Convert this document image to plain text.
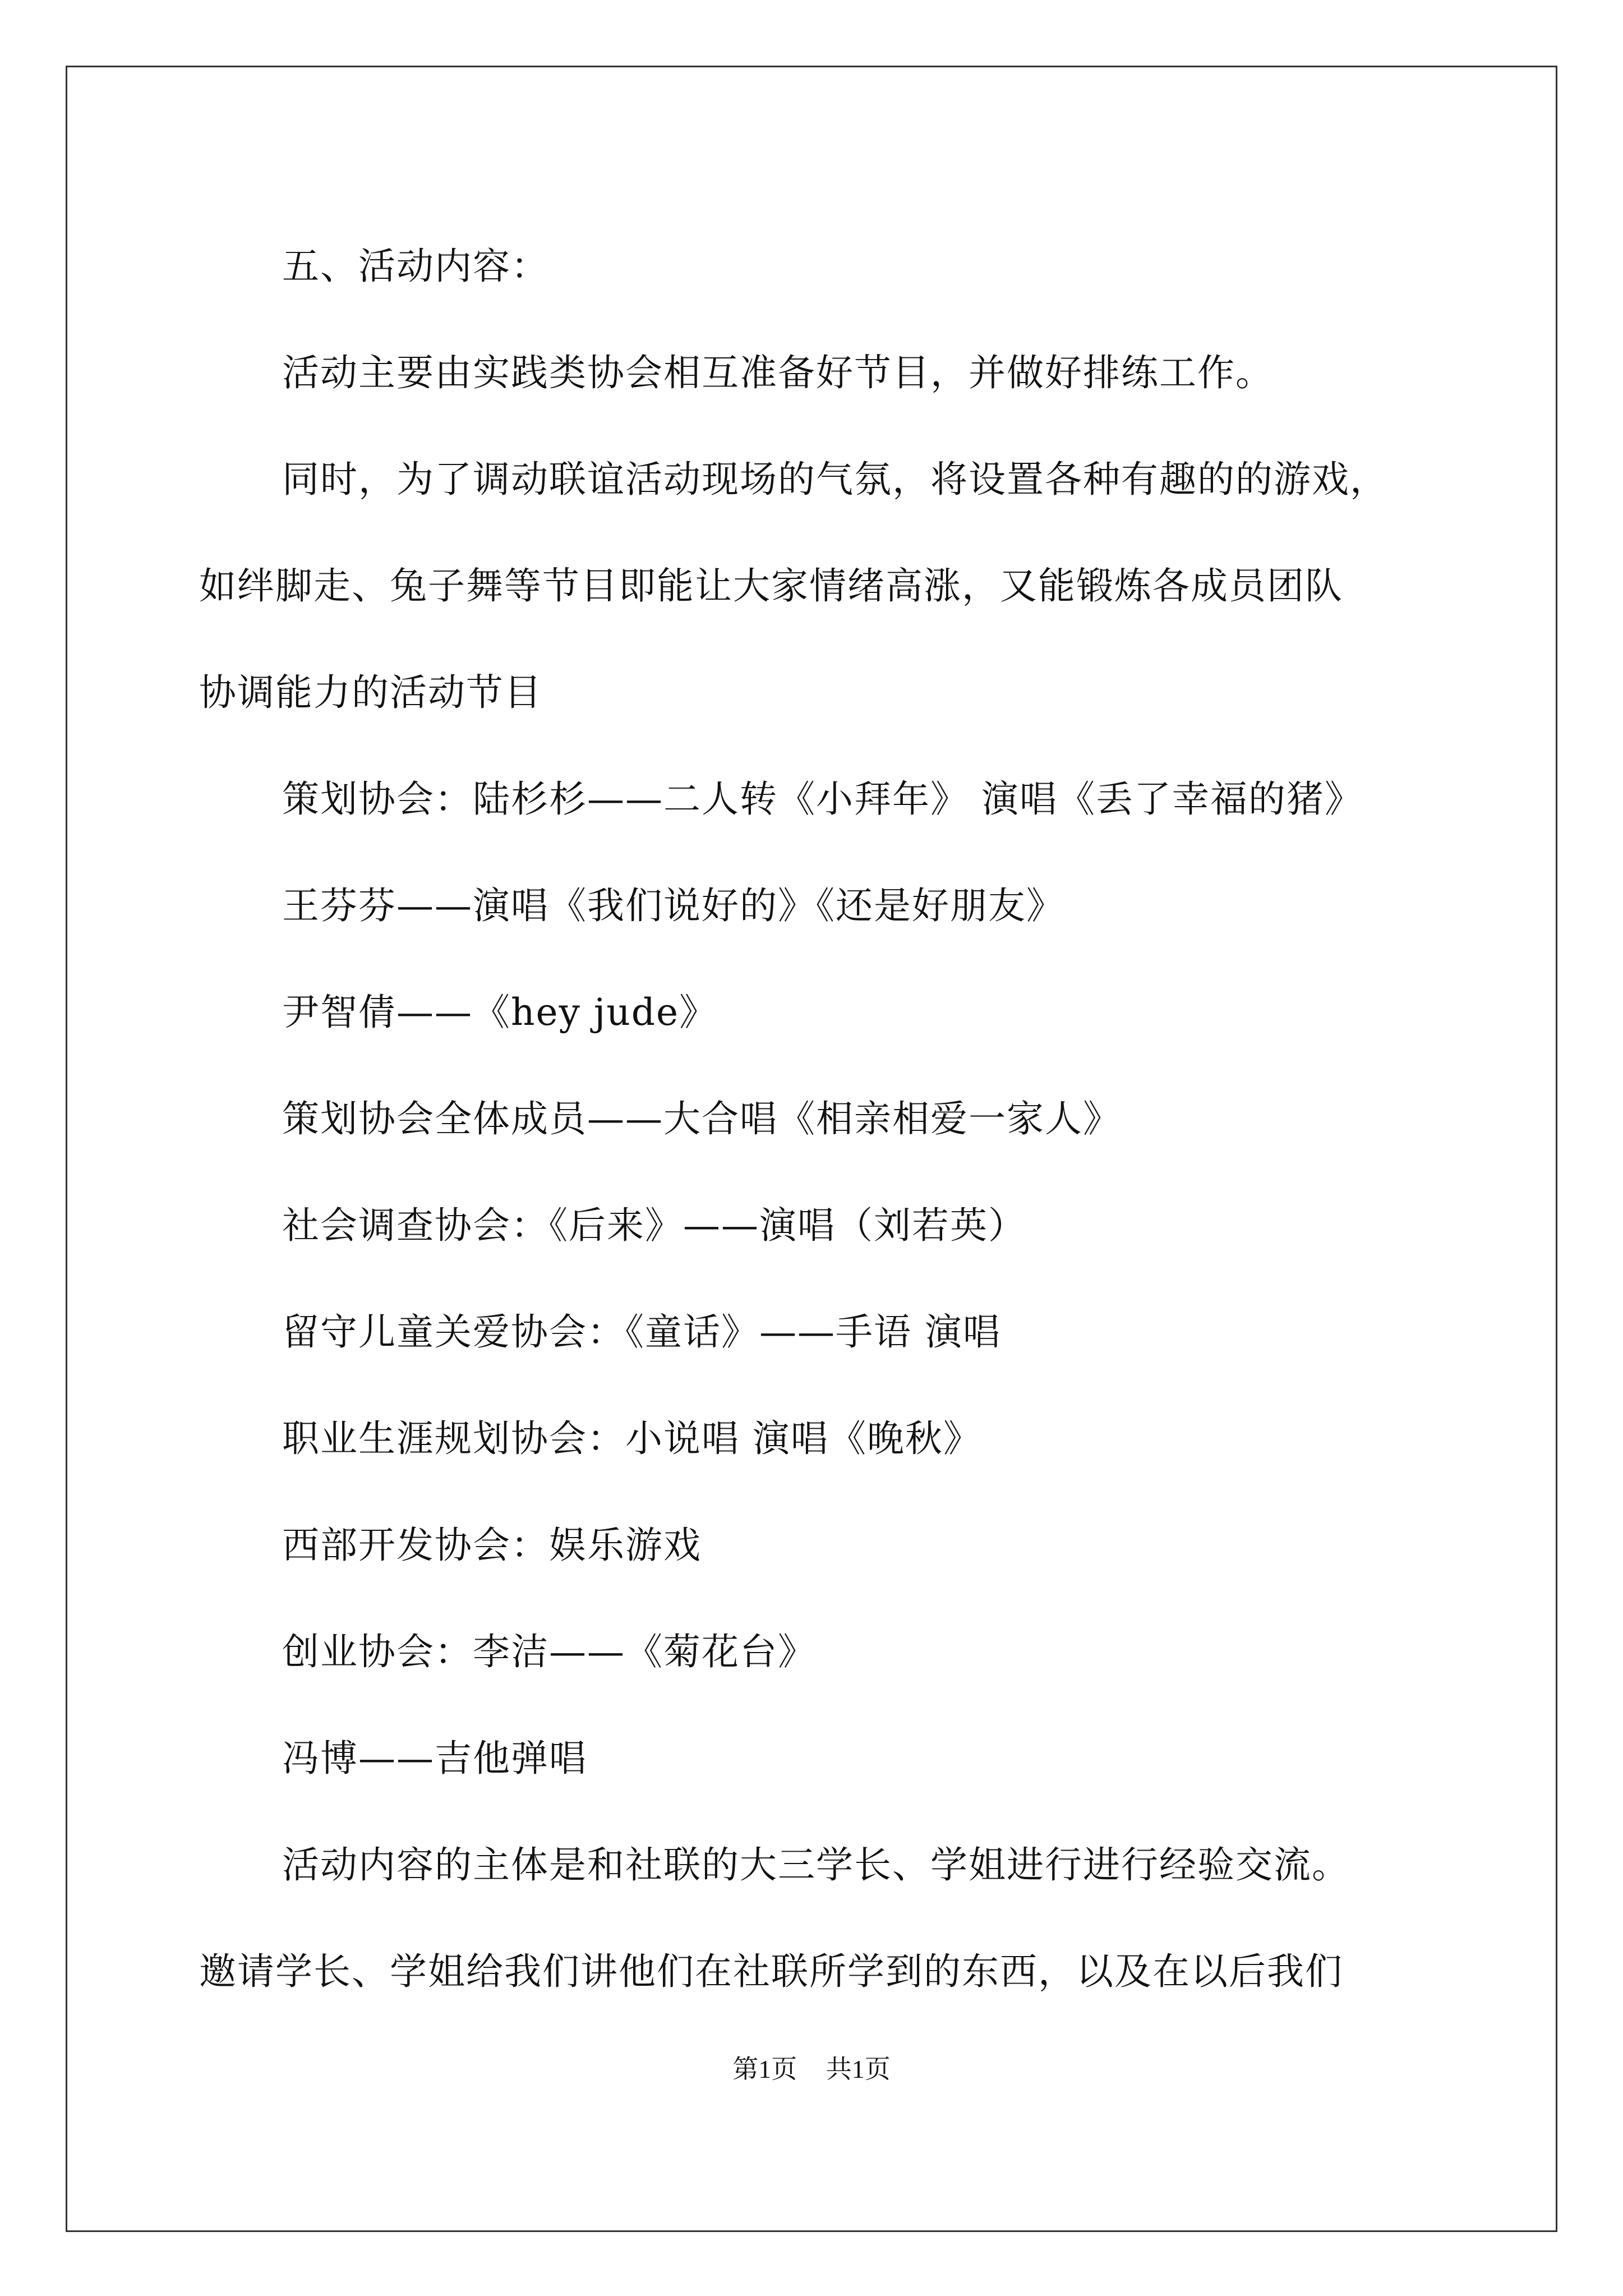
五、活动内容：

活动主要由实践类协会相互准备好节目，并做好排练工作。

同时，为了调动联谊活动现场的气氛，将设置各种有趣的的游戏，

如绊脚走、兔子舞等节目即能让大家情绪高涨，又能锻炼各成员团队

协调能力的活动节目

策划协会：陆杉杉——二人转《小拜年》 演唱《丢了幸福的猪》

王芬芬——演唱《我们说好的》《还是好朋友》

尹智倩——《hey jude》

策划协会全体成员——大合唱《相亲相爱一家人》

社会调查协会：《后来》——演唱（刘若英）

留守儿童关爱协会：《童话》——手语 演唱

职业生涯规划协会：小说唱 演唱《晚秋》

西部开发协会：娱乐游戏

创业协会：李洁——《菊花台》

冯博——吉他弹唱

活动内容的主体是和社联的大三学长、学姐进行进行经验交流。

邀请学长、学姐给我们讲他们在社联所学到的东西，以及在以后我们

第1页 共1页
